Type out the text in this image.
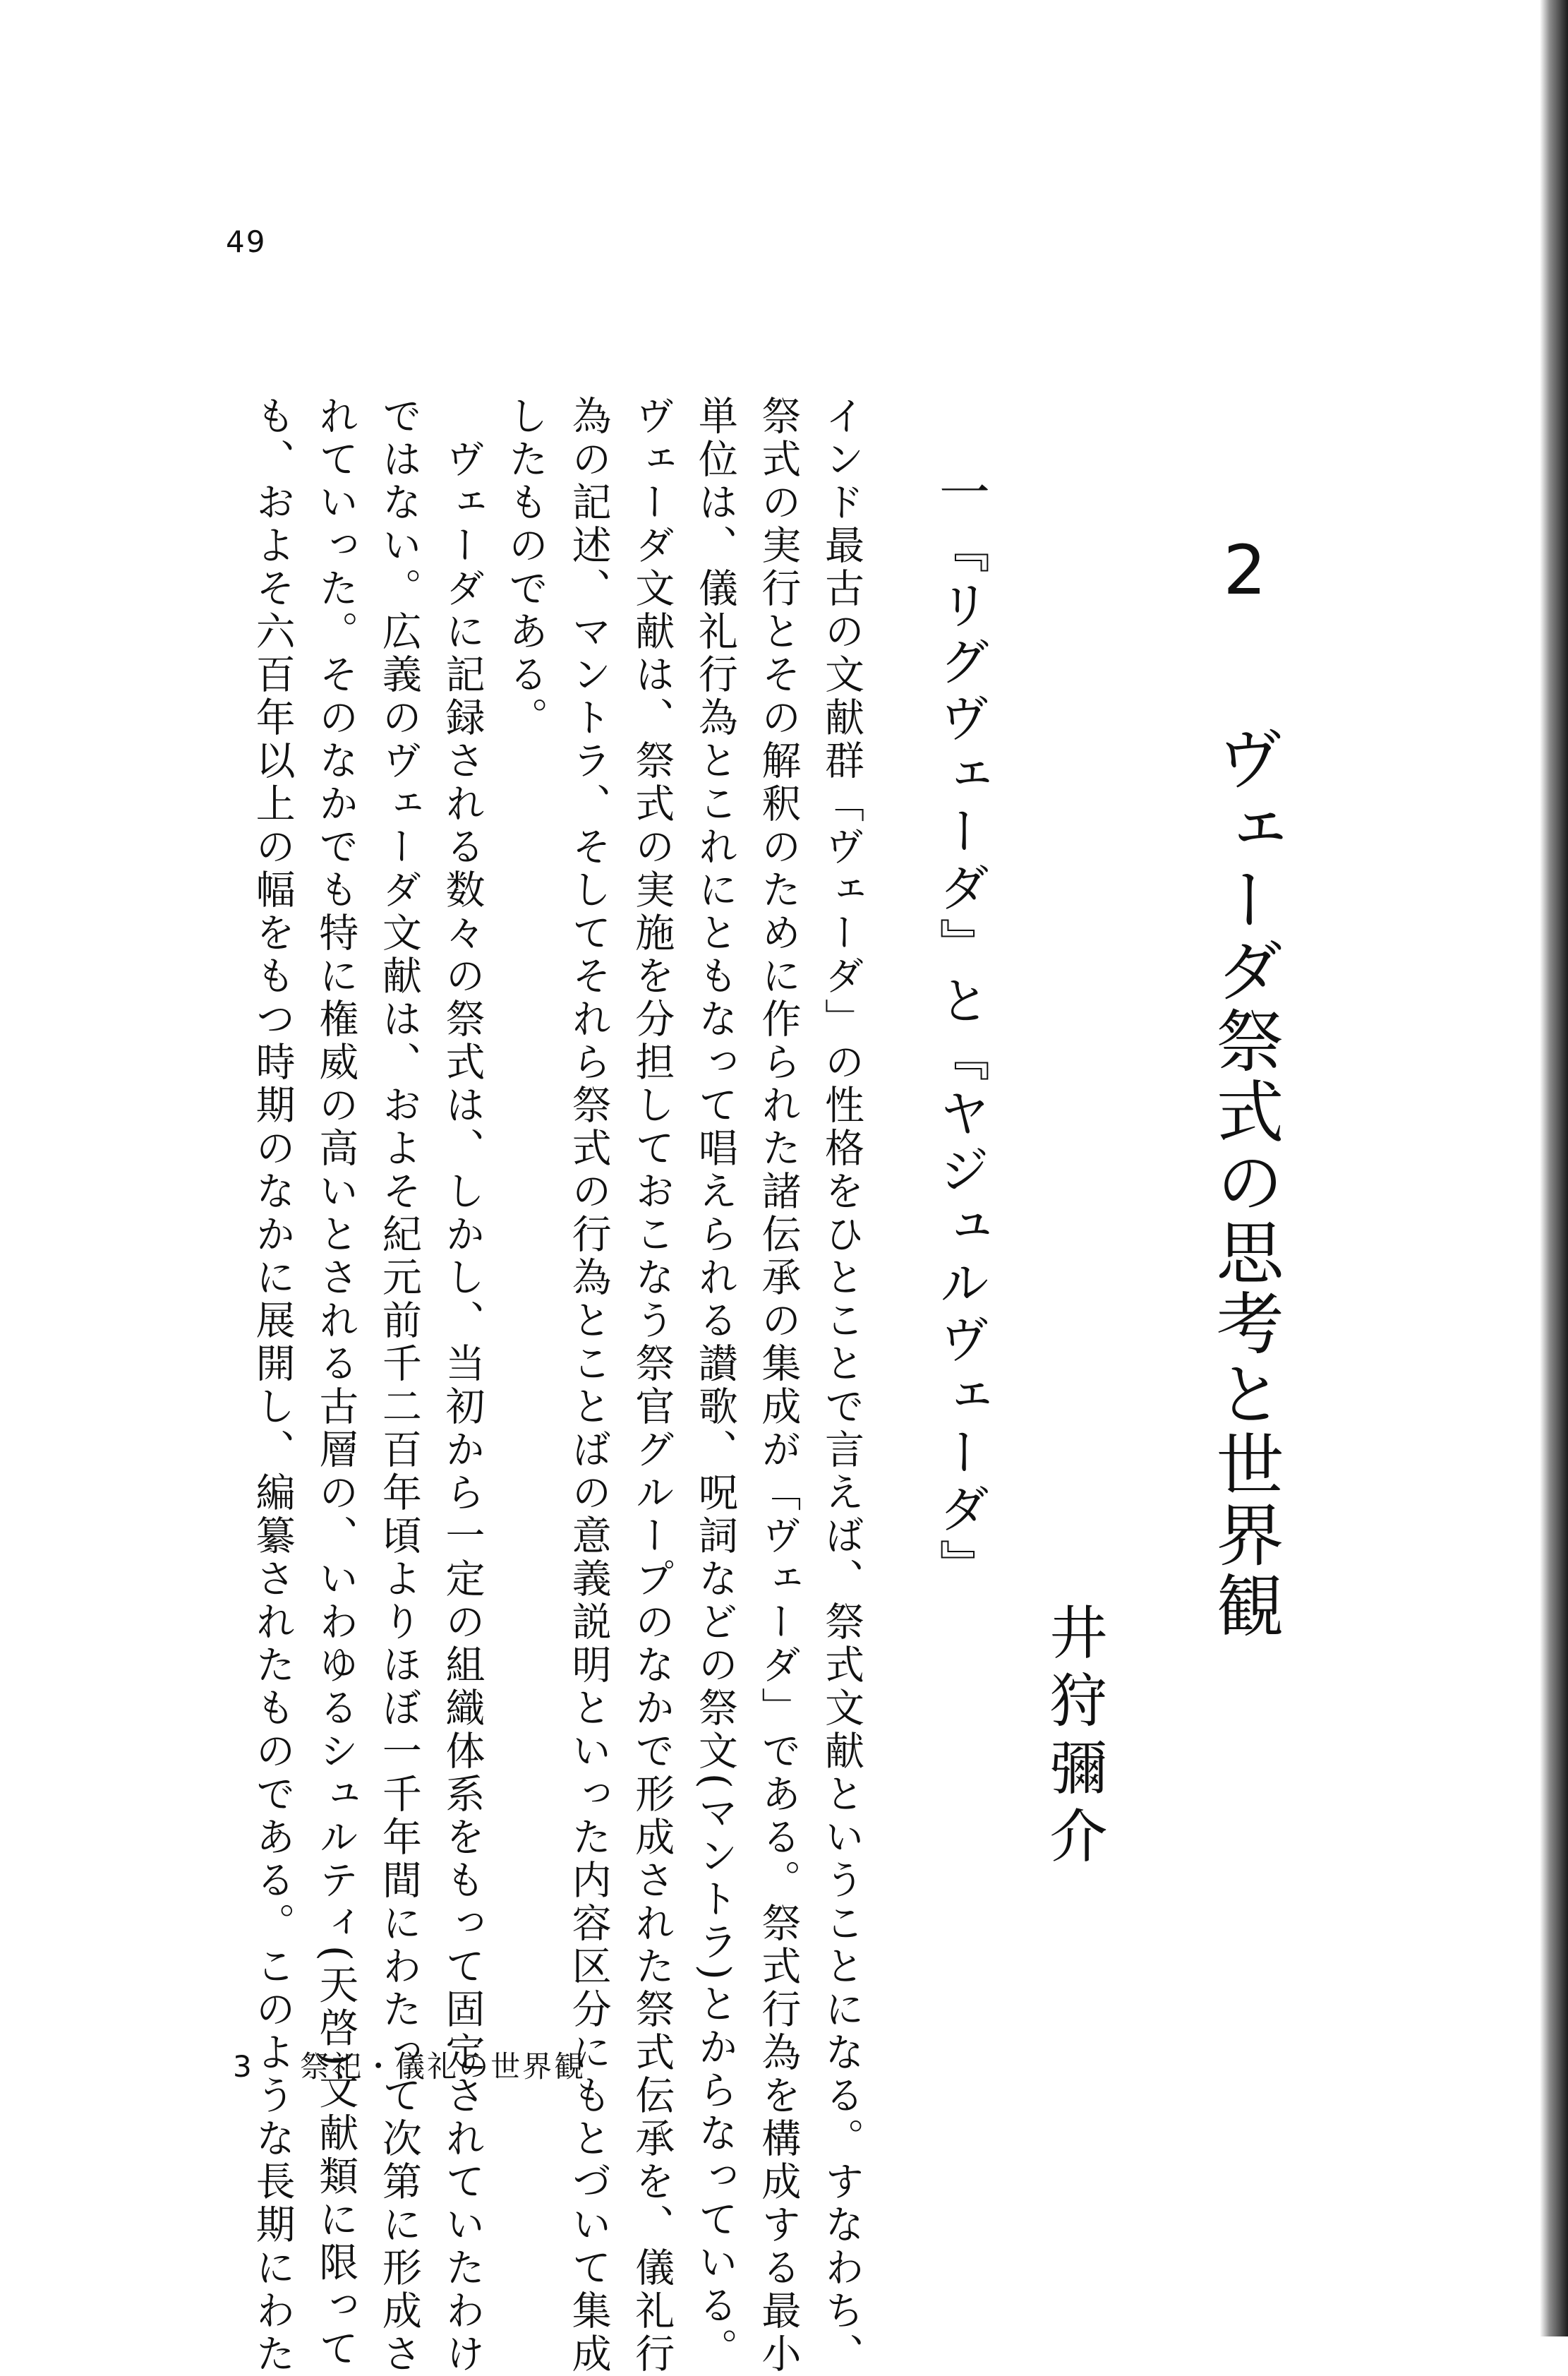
49
2 　 ヴェーダ祭式の思考と世界観
井狩彌介
一『リグヴェーダ』と『ヤジュルヴェーダ』
インド最古の文献群「ヴェーダ」の性格をひとことで言えば、祭式文献ということになる。すなわち、
祭式の実行とその解釈のために作られた諸伝承の集成が「ヴェーダ」である。祭式行為を構成する最小
単位は、儀礼行為とこれにともなって唱えられる讃歌、呪詞などの祭文(マントラ)とからなっている。
ヴェーダ文献は、祭式の実施を分担しておこなう祭官グループのなかで形成された祭式伝承を、儀礼行
為の記述、マントラ、そしてそれら祭式の行為とことばの意義説明といった内容区分にもとづいて集成
したものである。
　ヴェーダに記録される数々の祭式は、しかし、当初から一定の組織体系をもって固定されていたわけ
ではない。広義のヴェーダ文献は、およそ紀元前千二百年頃よりほぼ一千年間にわたって次第に形成さ
れていった。そのなかでも特に権威の高いとされる古層の、いわゆるシュルティ(天啓)文献類に限って
も、およそ六百年以上の幅をもつ時期のなかに展開し、編纂されたものである。このような長期にわた
3 祭祀・儀礼の世界観
